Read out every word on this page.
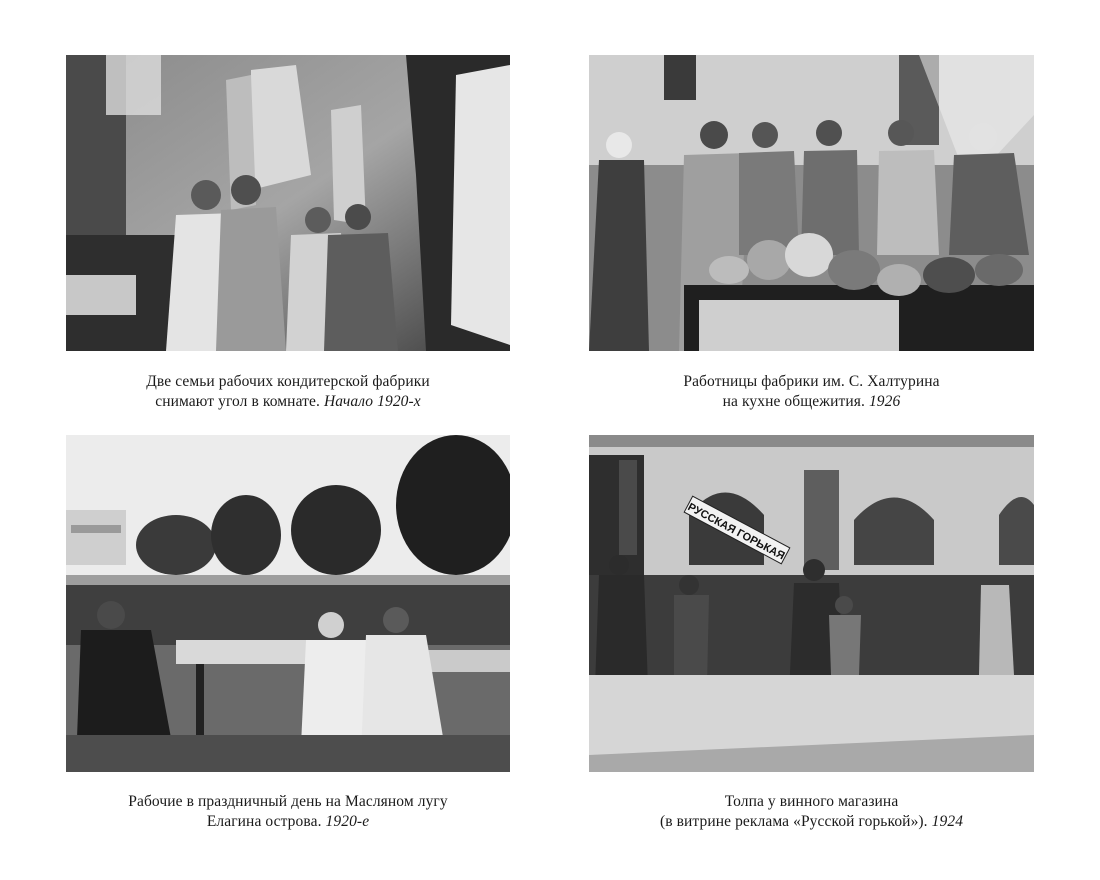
Две семьи рабочих кондитерской фабрики
снимают угол в комнате. Начало 1920-х
Работницы фабрики им. С. Халтурина
на кухне общежития. 1926
Рабочие в праздничный день на Масляном лугу
Елагина острова. 1920-е
РУССКАЯ ГОРЬКАЯ
Толпа у винного магазина
(в витрине реклама «Русской горькой»). 1924
